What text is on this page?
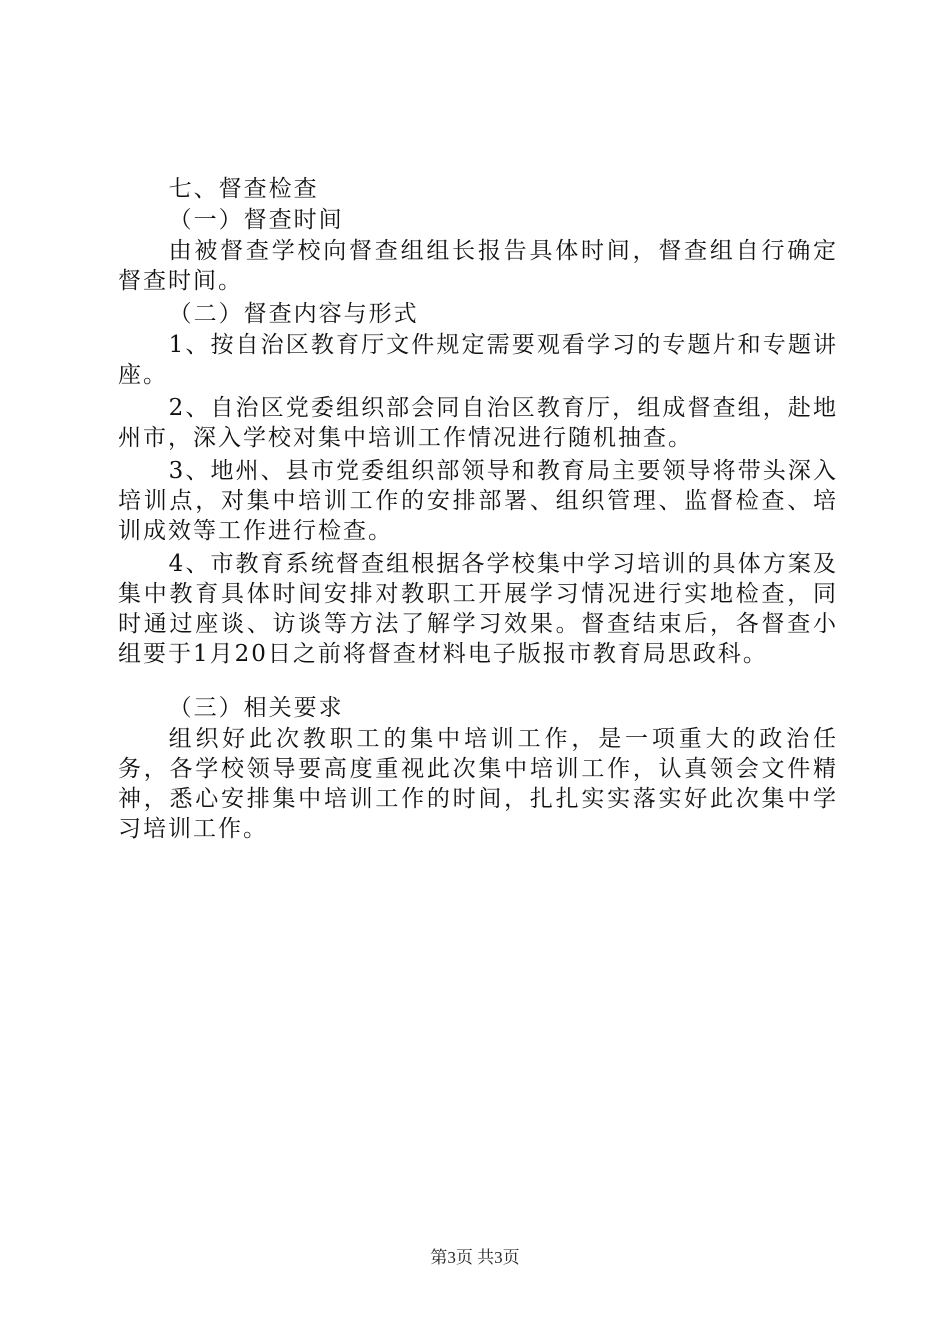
七、督查检查

（一）督查时间

由被督查学校向督查组组长报告具体时间，督查组自行确定督查时间。

（二）督查内容与形式

1、按自治区教育厅文件规定需要观看学习的专题片和专题讲座。

2、自治区党委组织部会同自治区教育厅，组成督查组，赴地州市，深入学校对集中培训工作情况进行随机抽查。

3、地州、县市党委组织部领导和教育局主要领导将带头深入培训点，对集中培训工作的安排部署、组织管理、监督检查、培训成效等工作进行检查。

4、市教育系统督查组根据各学校集中学习培训的具体方案及集中教育具体时间安排对教职工开展学习情况进行实地检查，同时通过座谈、访谈等方法了解学习效果。督查结束后，各督查小组要于1月20日之前将督查材料电子版报市教育局思政科。

（三）相关要求

组织好此次教职工的集中培训工作，是一项重大的政治任务，各学校领导要高度重视此次集中培训工作，认真领会文件精神，悉心安排集中培训工作的时间，扎扎实实落实好此次集中学习培训工作。

第3页 共3页
